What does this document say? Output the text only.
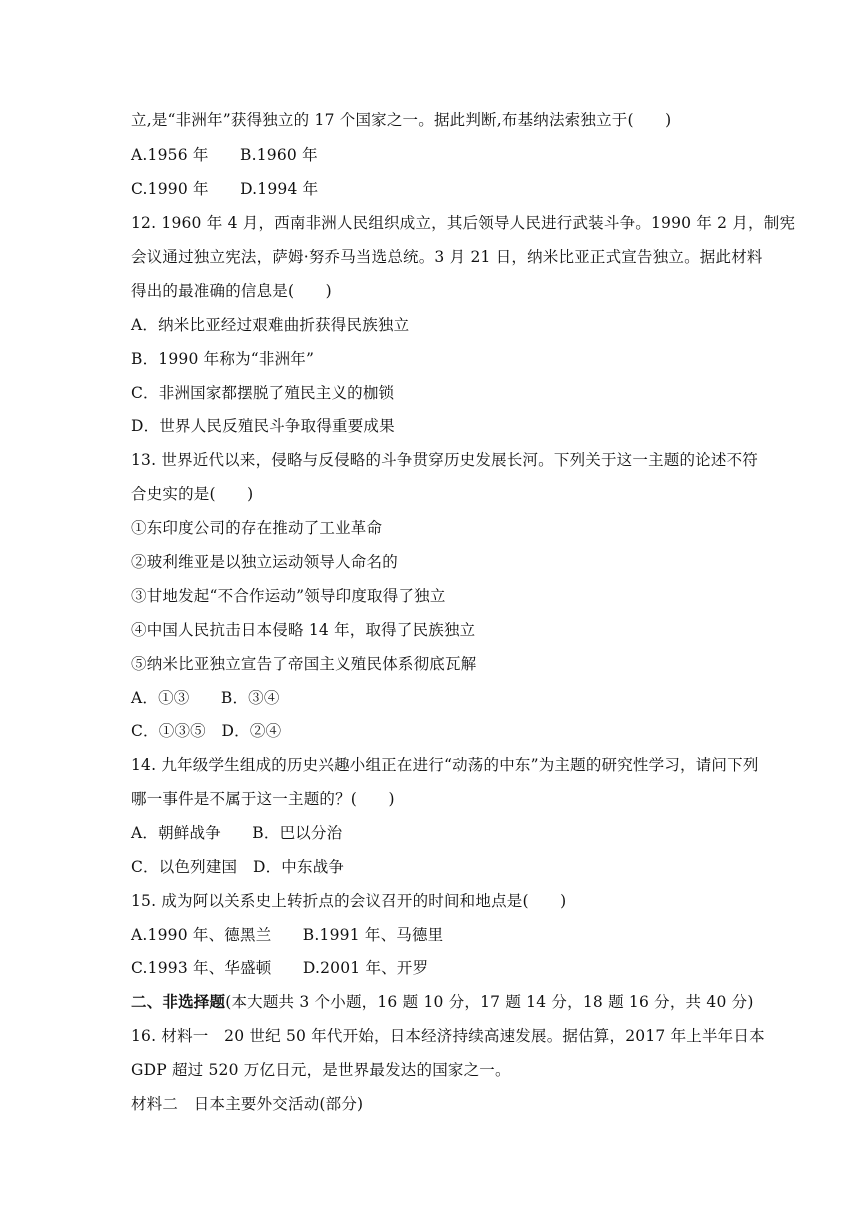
立,是“非洲年”获得独立的 17 个国家之一。据此判断,布基纳法索独立于(　　)
A.1956 年　　B.1960 年
C.1990 年　　D.1994 年
12. 1960 年 4 月，西南非洲人民组织成立，其后领导人民进行武装斗争。1990 年 2 月，制宪
会议通过独立宪法，萨姆·努乔马当选总统。3 月 21 日，纳米比亚正式宣告独立。据此材料
得出的最准确的信息是(　　)
A．纳米比亚经过艰难曲折获得民族独立
B．1990 年称为“非洲年”
C．非洲国家都摆脱了殖民主义的枷锁
D．世界人民反殖民斗争取得重要成果
13. 世界近代以来，侵略与反侵略的斗争贯穿历史发展长河。下列关于这一主题的论述不符
合史实的是(　　)
①东印度公司的存在推动了工业革命
②玻利维亚是以独立运动领导人命名的
③甘地发起“不合作运动”领导印度取得了独立
④中国人民抗击日本侵略 14 年，取得了民族独立
⑤纳米比亚独立宣告了帝国主义殖民体系彻底瓦解
A．①③　　B．③④
C．①③⑤　D．②④
14. 九年级学生组成的历史兴趣小组正在进行“动荡的中东”为主题的研究性学习，请问下列
哪一事件是不属于这一主题的？(　　)
A．朝鲜战争　　B．巴以分治
C．以色列建国　D．中东战争
15. 成为阿以关系史上转折点的会议召开的时间和地点是(　　)
A.1990 年、德黑兰　　B.1991 年、马德里
C.1993 年、华盛顿　　D.2001 年、开罗
二、非选择题(本大题共 3 个小题，16 题 10 分，17 题 14 分，18 题 16 分，共 40 分)
16. 材料一　20 世纪 50 年代开始，日本经济持续高速发展。据估算，2017 年上半年日本
GDP 超过 520 万亿日元，是世界最发达的国家之一。
材料二　日本主要外交活动(部分)
